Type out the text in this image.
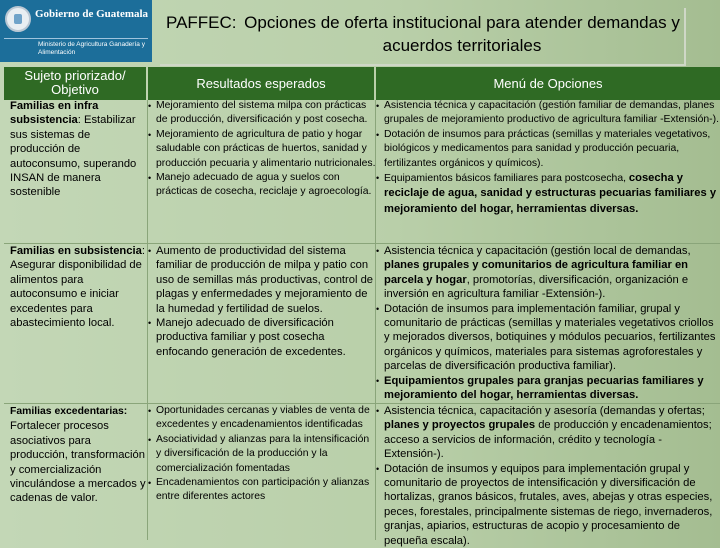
Gobierno de Guatemala
Ministerio de Agricultura Ganadería y Alimentación
PAFFEC: Opciones de oferta institucional para atender demandas y acuerdos territoriales
Sujeto priorizado/ Objetivo	Resultados esperados	Menú de Opciones
Familias en infra subsistencia: Estabilizar sus sistemas de producción de autoconsumo, superando INSAN de manera sostenible
• Mejoramiento del sistema milpa con prácticas de producción, diversificación y post cosecha.
• Mejoramiento de agricultura de patio y hogar saludable con prácticas de huertos, sanidad y producción pecuaria y alimentario nutricionales.
• Manejo adecuado de agua y suelos con prácticas de cosecha, reciclaje y agroecología.
• Asistencia técnica y capacitación (gestión familiar de demandas, planes grupales de mejoramiento productivo de agricultura familiar -Extensión-).
• Dotación de insumos para prácticas (semillas y materiales vegetativos, biológicos y medicamentos para sanidad y producción pecuaria, fertilizantes orgánicos y químicos).
• Equipamientos básicos familiares para postcosecha, cosecha y reciclaje de agua, sanidad y estructuras pecuarias familiares y mejoramiento del hogar, herramientas diversas.
Familias en subsistencia: Asegurar disponibilidad de alimentos para autoconsumo e iniciar excedentes para abastecimiento local.
• Aumento de productividad del sistema familiar de producción de milpa y patio con uso de semillas más productivas, control de plagas y enfermedades y mejoramiento de la humedad y fertilidad de suelos.
• Manejo adecuado de diversificación productiva familiar y post cosecha enfocando generación de excedentes.
• Asistencia técnica y capacitación (gestión local de demandas, planes grupales y comunitarios de agricultura familiar en parcela y hogar, promotorías, diversificación, organización e inversión en agricultura familiar -Extensión-).
• Dotación de insumos para implementación familiar, grupal y comunitario de prácticas (semillas y materiales vegetativos criollos y mejorados diversos, botiquines y módulos pecuarios, fertilizantes orgánicos y químicos, materiales para sistemas agroforestales y parcelas de diversificación productiva familiar).
• Equipamientos grupales para granjas pecuarias familiares y mejoramiento del hogar, herramientas diversas.
Familias excedentarias: Fortalecer procesos asociativos para producción, transformación y comercialización vinculándose a mercados y cadenas de valor.
• Oportunidades cercanas y viables de venta de excedentes y encadenamientos identificadas
• Asociatividad y alianzas para la intensificación y diversificación de la producción y la comercialización fomentadas
• Encadenamientos con participación y alianzas entre diferentes actores
• Asistencia técnica, capacitación y asesoría (demandas y ofertas; planes y proyectos grupales de producción y encadenamientos; acceso a servicios de información, crédito y tecnología -Extensión-).
• Dotación de insumos y equipos para implementación grupal y comunitario de proyectos de intensificación y diversificación de hortalizas, granos básicos, frutales, aves, abejas y otras especies, peces, forestales, principalmente sistemas de riego, invernaderos, granjas, apiarios, estructuras de acopio y procesamiento de pequeña escala).
